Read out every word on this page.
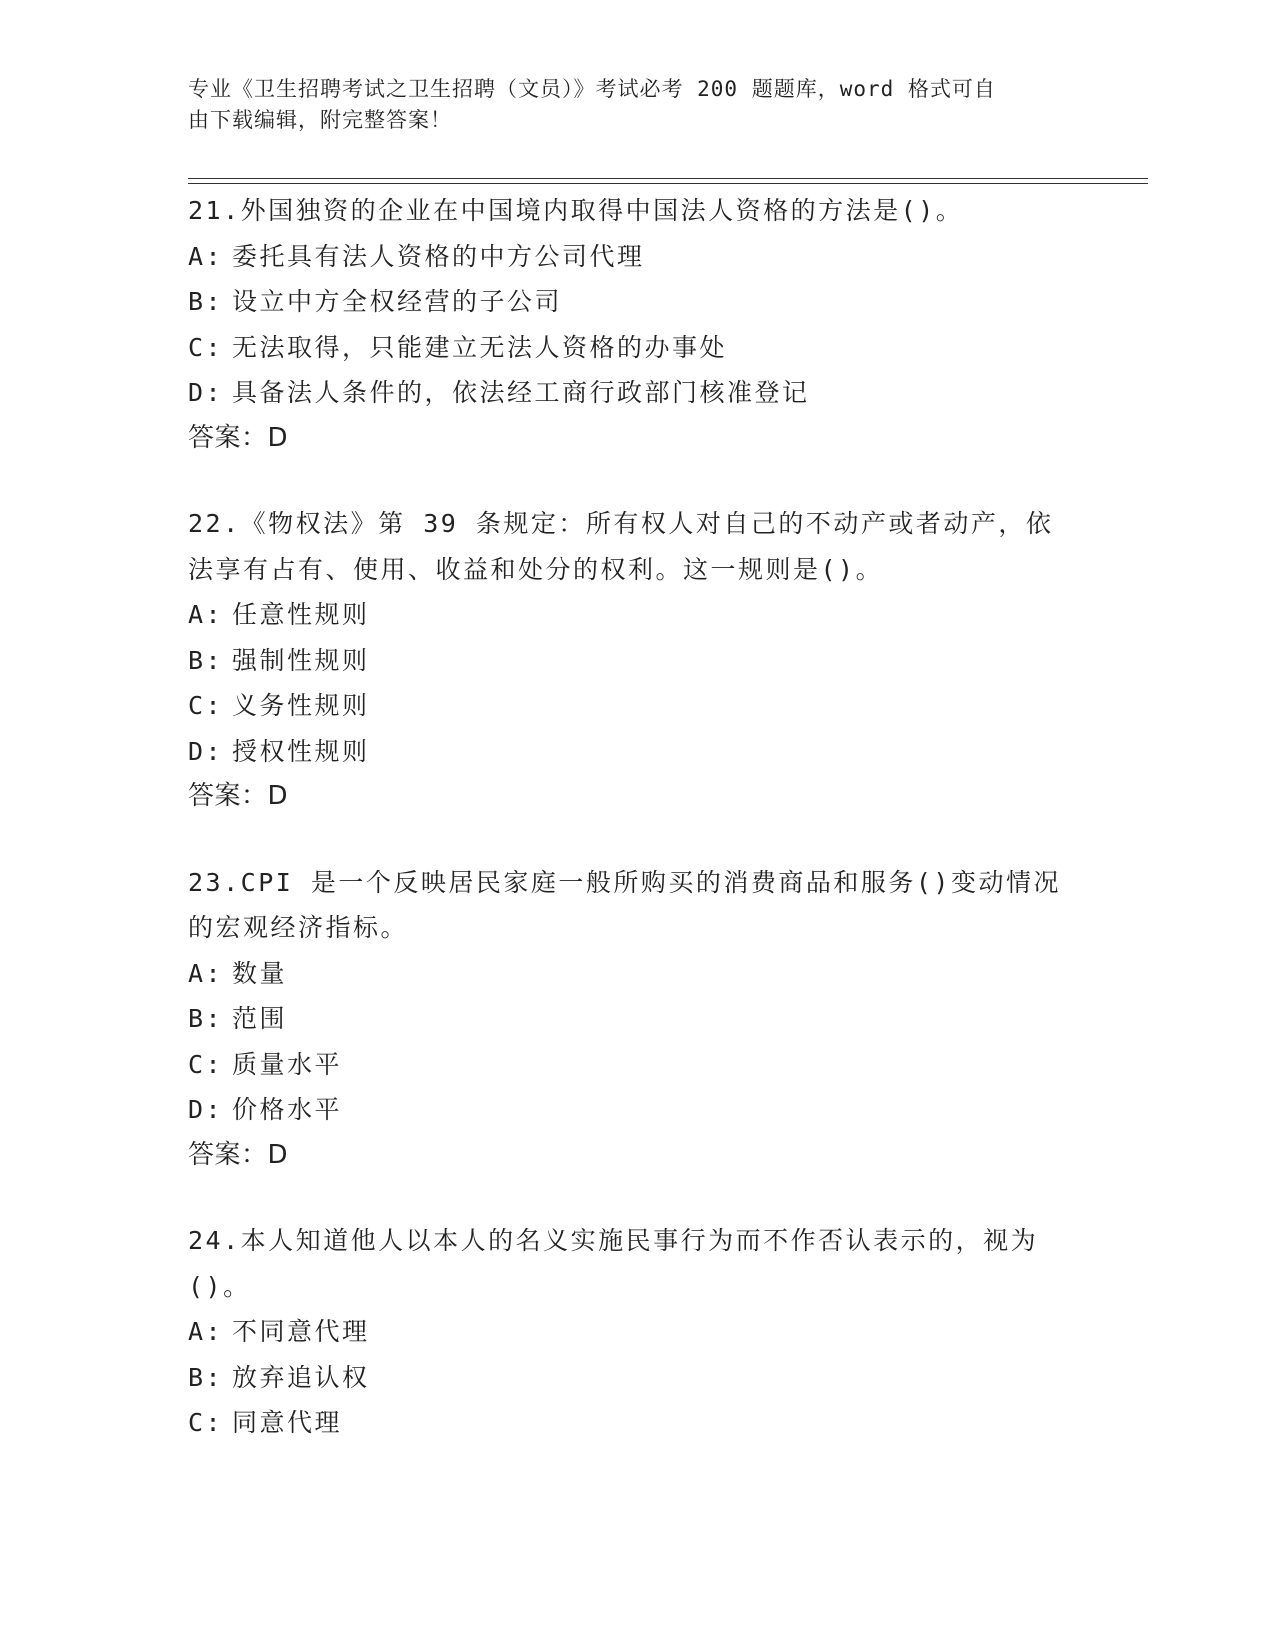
专业《卫生招聘考试之卫生招聘（文员）》考试必考 200 题题库，word 格式可自
由下载编辑，附完整答案！
21.外国独资的企业在中国境内取得中国法人资格的方法是()。
A: 委托具有法人资格的中方公司代理
B: 设立中方全权经营的子公司
C: 无法取得，只能建立无法人资格的办事处
D: 具备法人条件的，依法经工商行政部门核准登记
答案：D
22.《物权法》第 39 条规定：所有权人对自己的不动产或者动产，依
法享有占有、使用、收益和处分的权利。这一规则是()。
A: 任意性规则
B: 强制性规则
C: 义务性规则
D: 授权性规则
答案：D
23.CPI 是一个反映居民家庭一般所购买的消费商品和服务()变动情况
的宏观经济指标。
A: 数量
B: 范围
C: 质量水平
D: 价格水平
答案：D
24.本人知道他人以本人的名义实施民事行为而不作否认表示的，视为
()。
A: 不同意代理
B: 放弃追认权
C: 同意代理
